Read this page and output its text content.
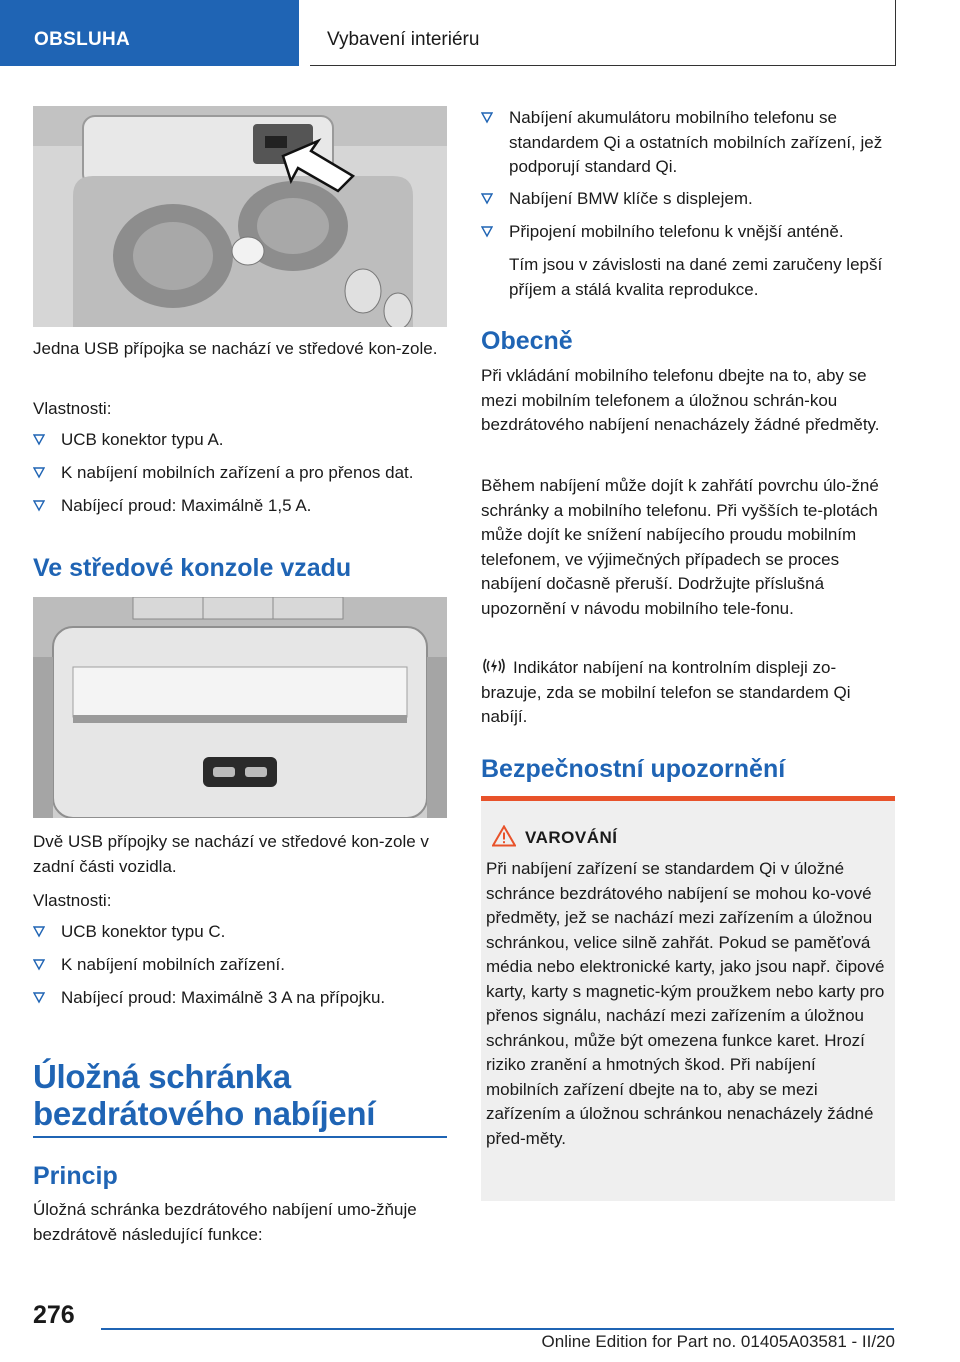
OBSLUHA	Vybavení interiéru
Jedna USB přípojka se nachází ve středové kon-zole.
Vlastnosti:
UCB konektor typu A.
K nabíjení mobilních zařízení a pro přenos dat.
Nabíjecí proud: Maximálně 1,5 A.
Ve středové konzole vzadu
Dvě USB přípojky se nachází ve středové kon-zole v zadní části vozidla.
Vlastnosti:
UCB konektor typu C.
K nabíjení mobilních zařízení.
Nabíjecí proud: Maximálně 3 A na přípojku.
Úložná schránka bezdrátového nabíjení
Princip
Úložná schránka bezdrátového nabíjení umo-žňuje bezdrátově následující funkce:
Nabíjení akumulátoru mobilního telefonu se standardem Qi a ostatních mobilních zařízení, jež podporují standard Qi.
Nabíjení BMW klíče s displejem.
Připojení mobilního telefonu k vnější anténě.
Tím jsou v závislosti na dané zemi zaručeny lepší příjem a stálá kvalita reprodukce.
Obecně
Při vkládání mobilního telefonu dbejte na to, aby se mezi mobilním telefonem a úložnou schrán-kou bezdrátového nabíjení nenacházely žádné předměty.
Během nabíjení může dojít k zahřátí povrchu úlo-žné schránky a mobilního telefonu. Při vyšších te-plotách může dojít ke snížení nabíjecího proudu mobilním telefonem, ve výjimečných případech se proces nabíjení dočasně přeruší. Dodržujte příslušná upozornění v návodu mobilního tele-fonu.
Indikátor nabíjení na kontrolním displeji zo-brazuje, zda se mobilní telefon se standardem Qi nabíjí.
Bezpečnostní upozornění
VAROVÁNÍ
Při nabíjení zařízení se standardem Qi v úložné schránce bezdrátového nabíjení se mohou ko-vové předměty, jež se nachází mezi zařízením a úložnou schránkou, velice silně zahřát. Pokud se paměťová média nebo elektronické karty, jako jsou např. čipové karty, karty s magnetic-kým proužkem nebo karty pro přenos signálu, nachází mezi zařízením a úložnou schránkou, může být omezena funkce karet. Hrozí riziko zranění a hmotných škod. Při nabíjení mobilních zařízení dbejte na to, aby se mezi zařízením a úložnou schránkou nenacházely žádné před-měty.
276
Online Edition for Part no. 01405A03581 - II/20
